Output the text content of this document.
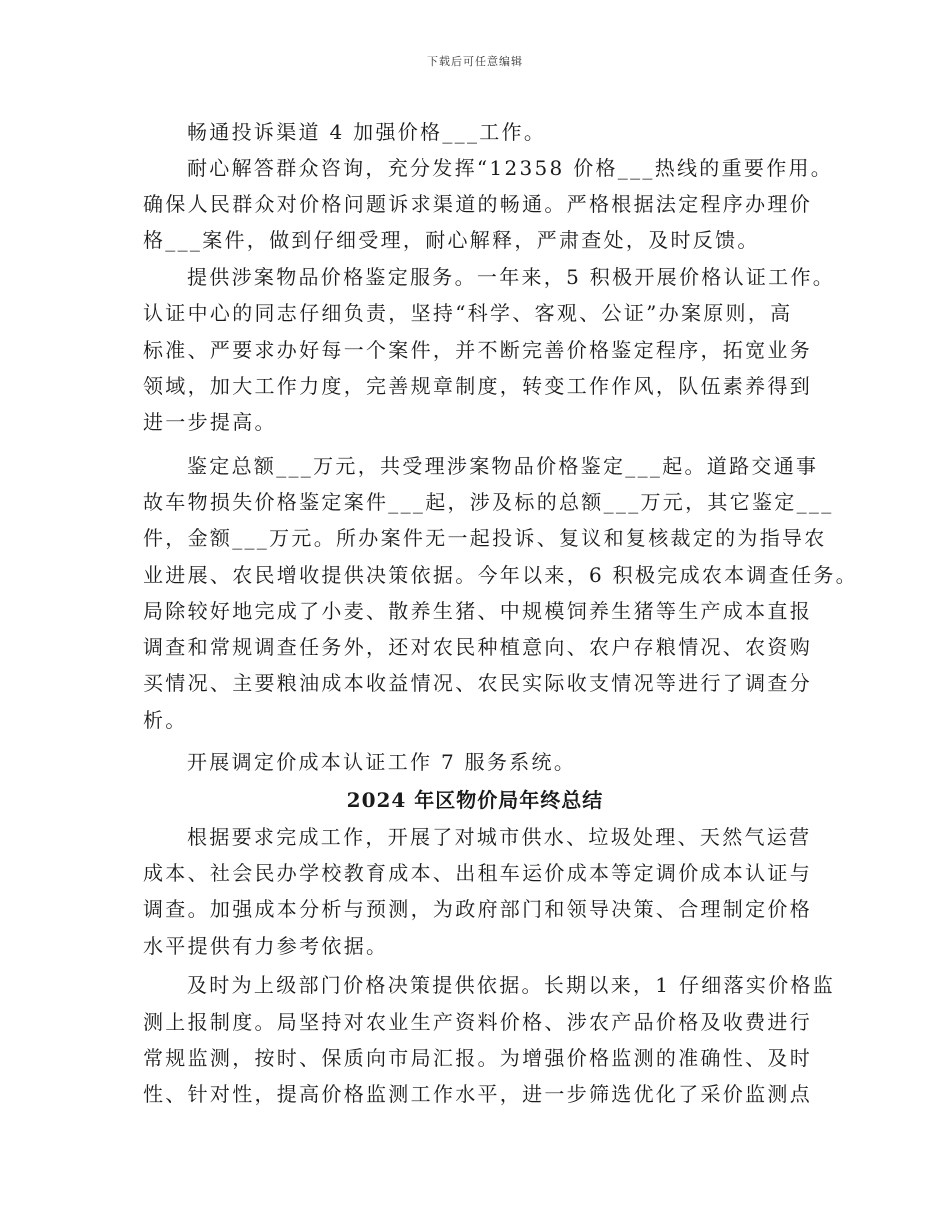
下载后可任意编辑
畅通投诉渠道 4 加强价格___工作。
耐心解答群众咨询，充分发挥“12358 价格___热线的重要作用。
确保人民群众对价格问题诉求渠道的畅通。严格根据法定程序办理价
格___案件，做到仔细受理，耐心解释，严肃查处，及时反馈。
提供涉案物品价格鉴定服务。一年来，5 积极开展价格认证工作。
认证中心的同志仔细负责，坚持“科学、客观、公证”办案原则，高
标准、严要求办好每一个案件，并不断完善价格鉴定程序，拓宽业务
领域，加大工作力度，完善规章制度，转变工作作风，队伍素养得到
进一步提高。
鉴定总额___万元，共受理涉案物品价格鉴定___起。道路交通事
故车物损失价格鉴定案件___起，涉及标的总额___万元，其它鉴定___
件，金额___万元。所办案件无一起投诉、复议和复核裁定的为指导农
业进展、农民增收提供决策依据。今年以来，6 积极完成农本调查任务。
局除较好地完成了小麦、散养生猪、中规模饲养生猪等生产成本直报
调查和常规调查任务外，还对农民种植意向、农户存粮情况、农资购
买情况、主要粮油成本收益情况、农民实际收支情况等进行了调查分
析。
开展调定价成本认证工作 7 服务系统。
2024 年区物价局年终总结
根据要求完成工作，开展了对城市供水、垃圾处理、天然气运营
成本、社会民办学校教育成本、出租车运价成本等定调价成本认证与
调查。加强成本分析与预测，为政府部门和领导决策、合理制定价格
水平提供有力参考依据。
及时为上级部门价格决策提供依据。长期以来，1 仔细落实价格监
测上报制度。局坚持对农业生产资料价格、涉农产品价格及收费进行
常规监测，按时、保质向市局汇报。为增强价格监测的准确性、及时
性、针对性，提高价格监测工作水平，进一步筛选优化了采价监测点
